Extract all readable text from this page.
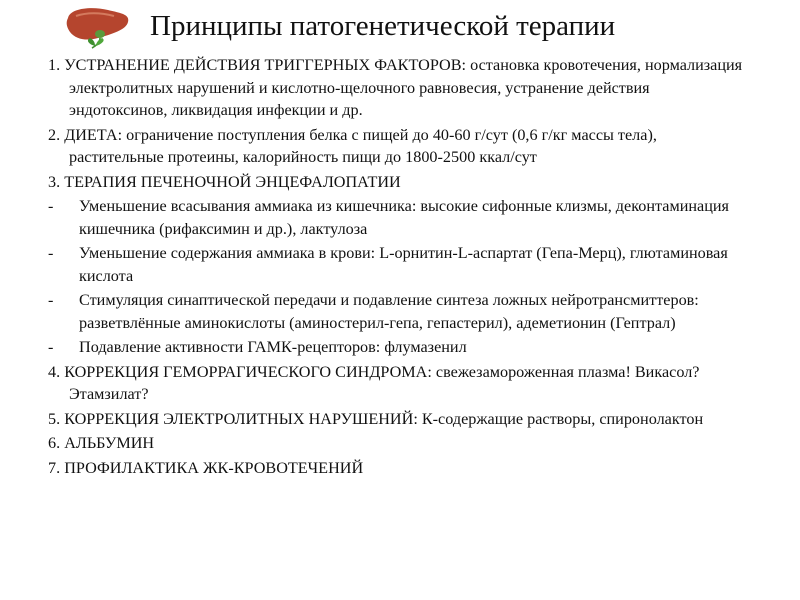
Принципы патогенетической терапии

1. УСТРАНЕНИЕ ДЕЙСТВИЯ ТРИГГЕРНЫХ ФАКТОРОВ: остановка кровотечения, нормализация электролитных нарушений и кислотно-щелочного равновесия, устранение действия эндотоксинов, ликвидация инфекции и др.

2. ДИЕТА: ограничение поступления белка с пищей до 40-60 г/сут (0,6 г/кг массы тела), растительные протеины, калорийность пищи до 1800-2500 ккал/сут

3. ТЕРАПИЯ ПЕЧЕНОЧНОЙ ЭНЦЕФАЛОПАТИИ

- Уменьшение всасывания аммиака из кишечника: высокие сифонные клизмы, деконтаминация кишечника (рифаксимин и др.), лактулоза

- Уменьшение содержания аммиака в крови: L-орнитин-L-аспартат (Гепа-Мерц), глютаминовая кислота

- Стимуляция синаптической передачи и подавление синтеза ложных нейротрансмиттеров: разветвлённые аминокислоты (аминостерил-гепа, гепастерил), адеметионин (Гептрал)

- Подавление активности ГАМК-рецепторов: флумазенил

4. КОРРЕКЦИЯ ГЕМОРРАГИЧЕСКОГО СИНДРОМА: свежезамороженная плазма! Викасол? Этамзилат?

5. КОРРЕКЦИЯ ЭЛЕКТРОЛИТНЫХ НАРУШЕНИЙ: К-содержащие растворы, спиронолактон

6. АЛЬБУМИН

7. ПРОФИЛАКТИКА ЖК-КРОВОТЕЧЕНИЙ
